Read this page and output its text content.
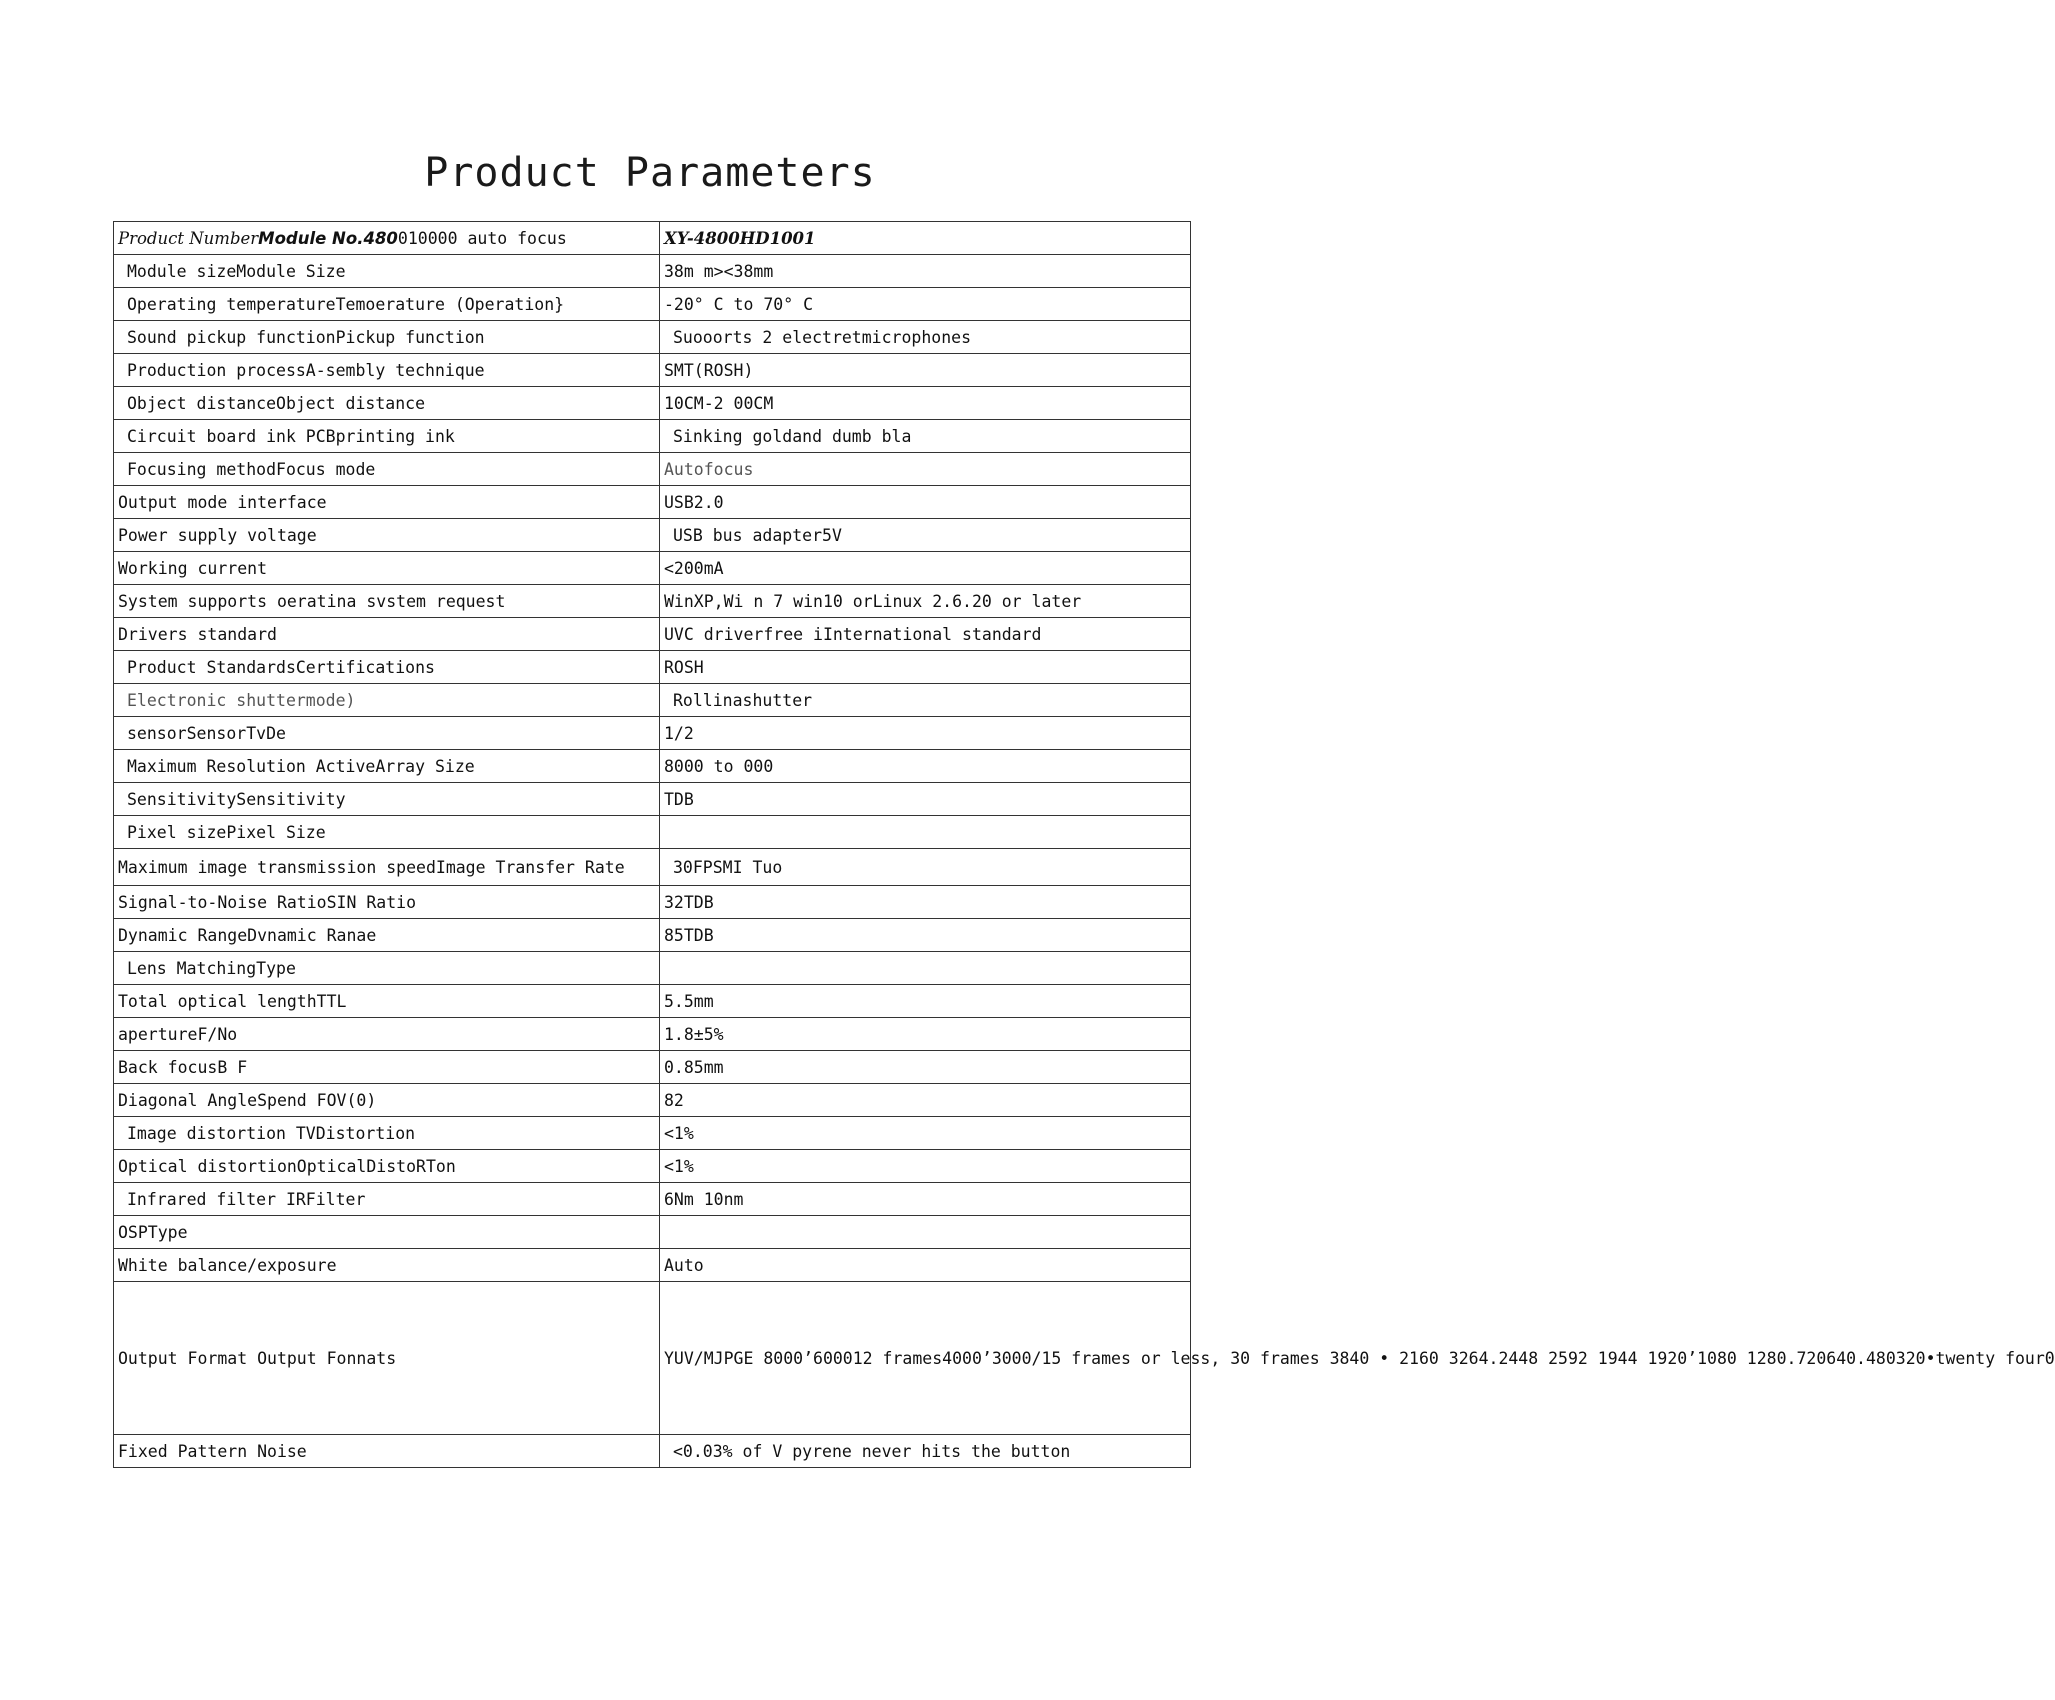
Product Parameters
Product NumberModule No.480010000 auto focus	XY-4800HD1001
Module sizeModule Size	38m m><38mm
Operating temperatureTemoerature (Operation}	-20° C to 70° C
Sound pickup functionPickup function	Suooorts 2 electretmicrophones
Production processA-sembly technique	SMT(ROSH)
Object distanceObject distance	10CM-2 00CM
Circuit board ink PCBprinting ink	Sinking goldand dumb bla
Focusing methodFocus mode	Autofocus
Output mode interface	USB2.0
Power supply voltage	USB bus adapter5V
Working current	<200mA
System supports oeratina svstem request	WinXP,Wi n 7 win10 orLinux 2.6.20 or later
Drivers standard	UVC driverfree iInternational standard
Product StandardsCertifications	ROSH
Electronic shuttermode)	Rollinashutter
sensorSensorTvDe	1/2
Maximum Resolution ActiveArray Size	8000 to 000
SensitivitySensitivity	TDB
Pixel sizePixel Size	
Maximum image transmission speedImage Transfer Rate	30FPSMI Tuo
Signal-to-Noise RatioSIN Ratio	32TDB
Dynamic RangeDvnamic Ranae	85TDB
Lens MatchingType	
Total optical lengthTTL	5.5mm
apertureF/No	1.8±5%
Back focusB F	0.85mm
Diagonal AngleSpend FOV(0)	82
Image distortion TVDistortion	<1%
Optical distortionOpticalDistoRTon	<1%
Infrared filter IRFilter	6Nm 10nm
OSPType	
White balance/exposure	Auto
Output Format Output Fonnats	YUV/MJPGE 8000’600012 frames4000’3000/15 frames or less, 30 frames 3840 • 2160 3264.2448 2592 1944 1920’1080 1280.720640.480320•twenty four0
Fixed Pattern Noise	<0.03% of V pyrene never hits the button
